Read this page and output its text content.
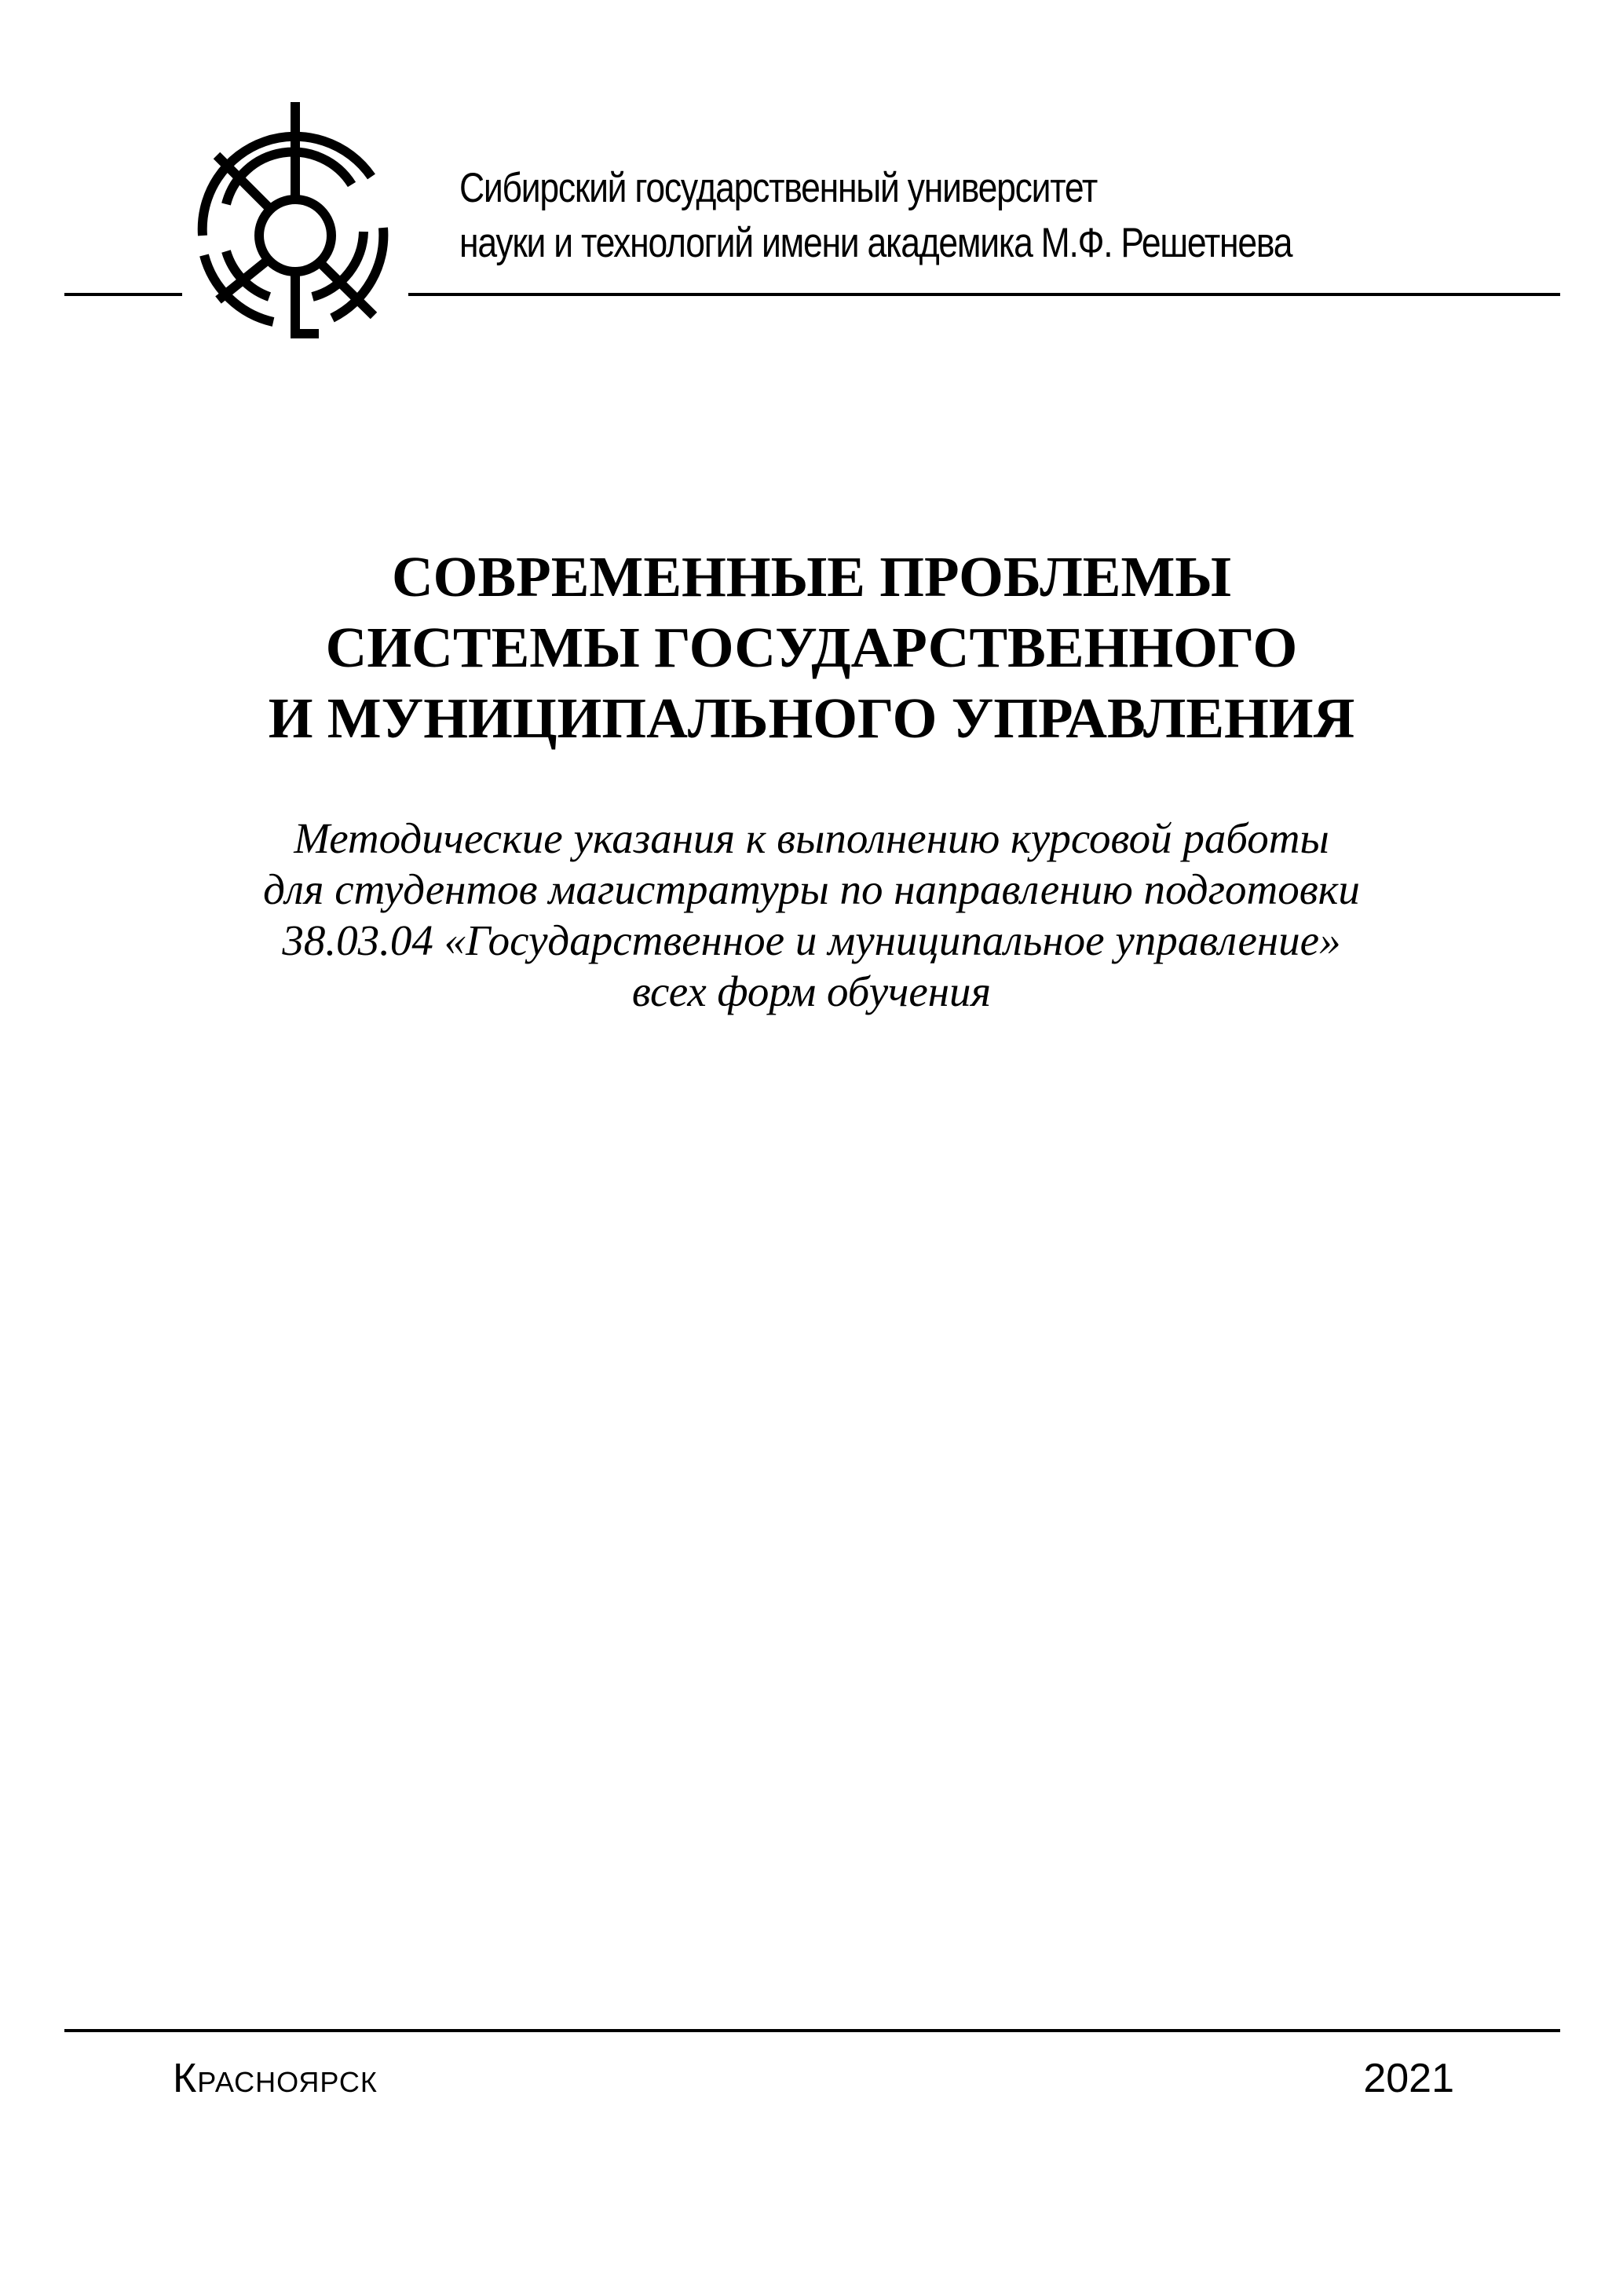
Сибирский государственный университет
науки и технологий имени академика М.Ф. Решетнева
СОВРЕМЕННЫЕ ПРОБЛЕМЫ
СИСТЕМЫ ГОСУДАРСТВЕННОГО
И МУНИЦИПАЛЬНОГО УПРАВЛЕНИЯ
Методические указания к выполнению курсовой работы
для студентов магистратуры по направлению подготовки
38.03.04 «Государственное и муниципальное управление»
всех форм обучения
Красноярск	2021
